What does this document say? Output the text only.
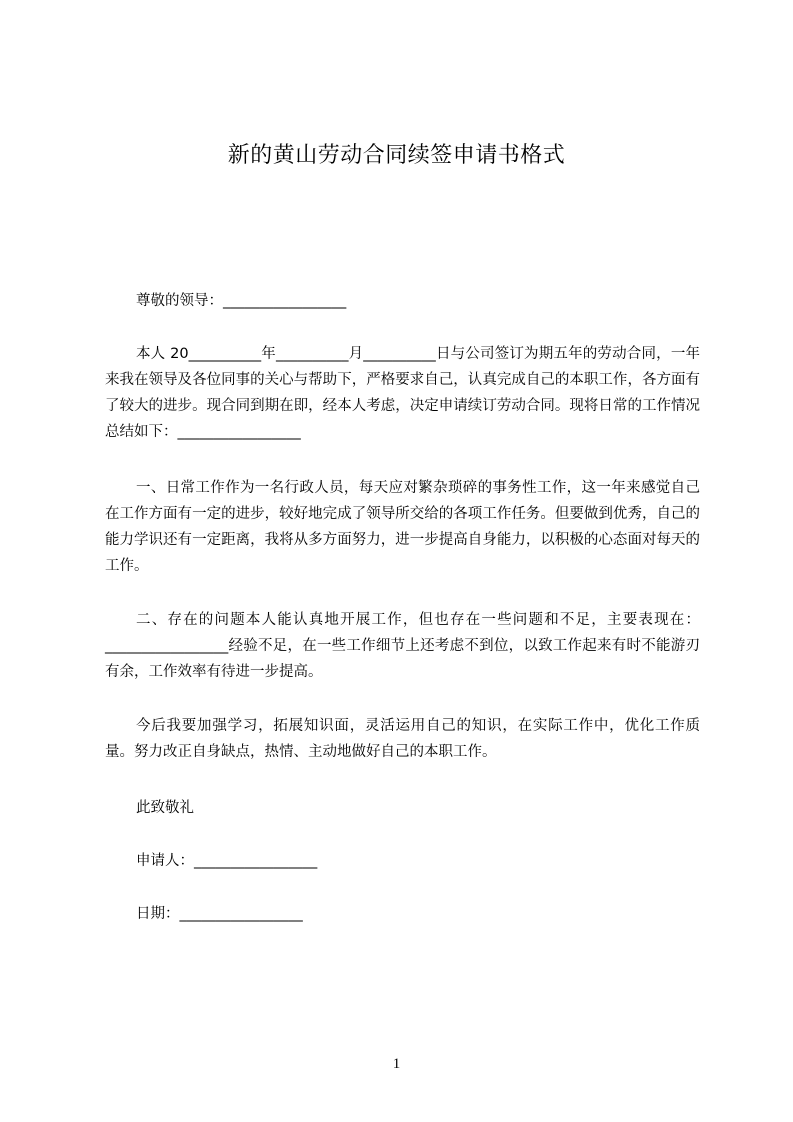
新的黄山劳动合同续签申请书格式

尊敬的领导：_________________

本人 20__________年__________月__________日与公司签订为期五年的劳动合同，一年来我在领导及各位同事的关心与帮助下，严格要求自己，认真完成自己的本职工作，各方面有了较大的进步。现合同到期在即，经本人考虑，决定申请续订劳动合同。现将日常的工作情况总结如下：_________________

一、日常工作作为一名行政人员，每天应对繁杂琐碎的事务性工作，这一年来感觉自己在工作方面有一定的进步，较好地完成了领导所交给的各项工作任务。但要做到优秀，自己的能力学识还有一定距离，我将从多方面努力，进一步提高自身能力，以积极的心态面对每天的工作。

二、存在的问题本人能认真地开展工作，但也存在一些问题和不足，主要表现在：_________________经验不足，在一些工作细节上还考虑不到位，以致工作起来有时不能游刃有余，工作效率有待进一步提高。

今后我要加强学习，拓展知识面，灵活运用自己的知识，在实际工作中，优化工作质量。努力改正自身缺点，热情、主动地做好自己的本职工作。

此致敬礼

申请人：_________________

日期：_________________

1
